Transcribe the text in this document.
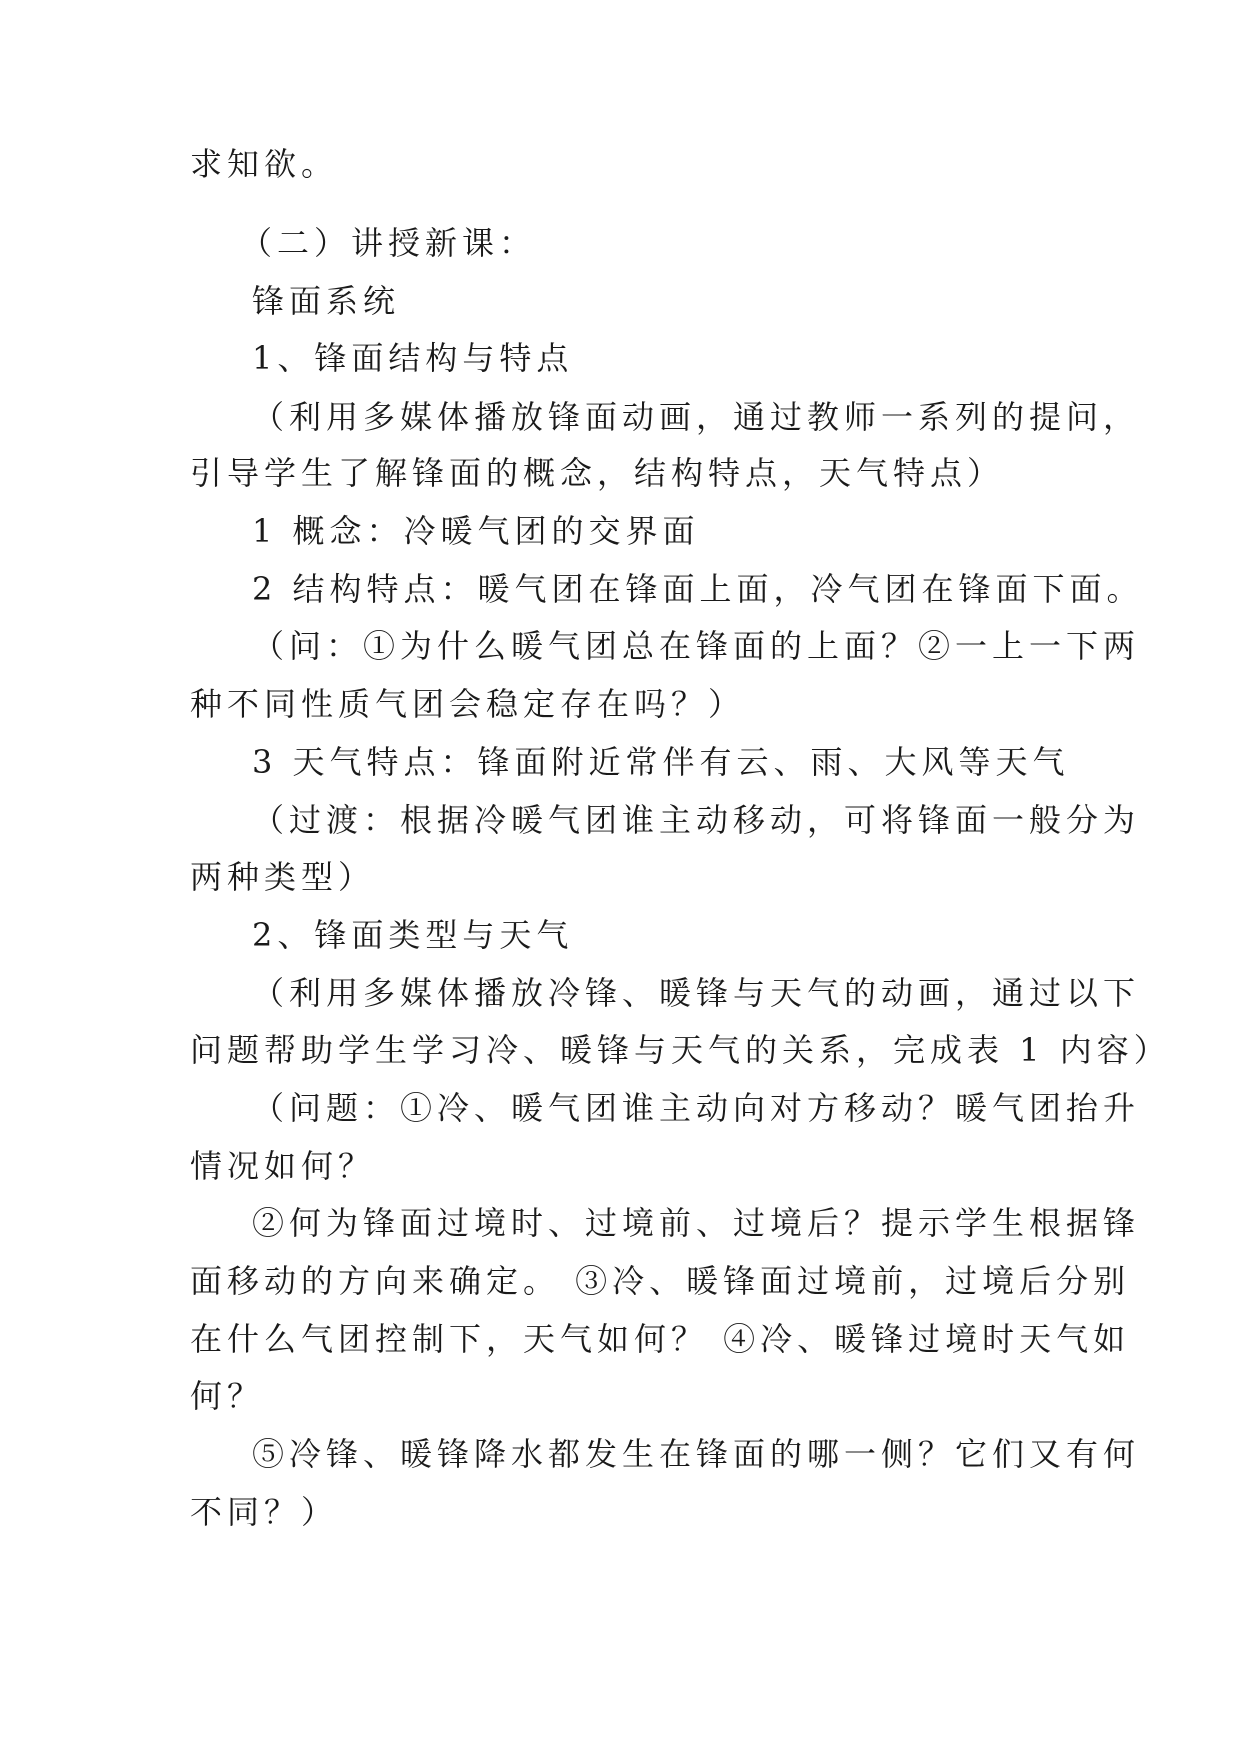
求知欲。
（二）讲授新课：
锋面系统
1、锋面结构与特点
（利用多媒体播放锋面动画，通过教师一系列的提问，
引导学生了解锋面的概念，结构特点，天气特点）
1 概念：冷暖气团的交界面
2 结构特点：暖气团在锋面上面，冷气团在锋面下面。
（问：①为什么暖气团总在锋面的上面？②一上一下两
种不同性质气团会稳定存在吗？）
3 天气特点：锋面附近常伴有云、雨、大风等天气
（过渡：根据冷暖气团谁主动移动，可将锋面一般分为
两种类型）
2、锋面类型与天气
（利用多媒体播放冷锋、暖锋与天气的动画，通过以下
问题帮助学生学习冷、暖锋与天气的关系，完成表 1 内容）
（问题：①冷、暖气团谁主动向对方移动？暖气团抬升
情况如何？
②何为锋面过境时、过境前、过境后？提示学生根据锋
面移动的方向来确定。 ③冷、暖锋面过境前，过境后分别
在什么气团控制下，天气如何？ ④冷、暖锋过境时天气如
何？
⑤冷锋、暖锋降水都发生在锋面的哪一侧？它们又有何
不同？）
